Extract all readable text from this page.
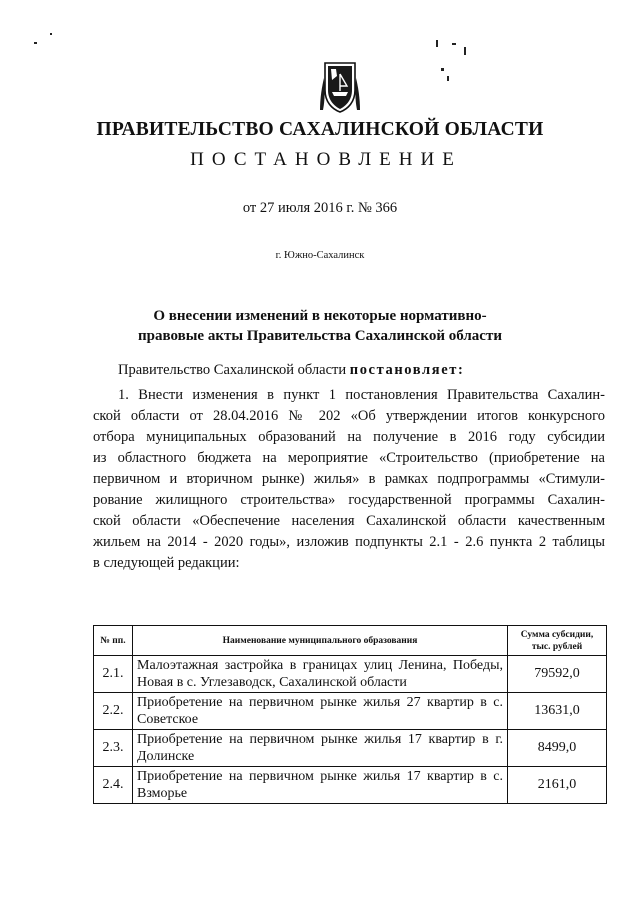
ПРАВИТЕЛЬСТВО САХАЛИНСКОЙ ОБЛАСТИ
ПОСТАНОВЛЕНИЕ
от 27 июля 2016 г. № 366
г. Южно-Сахалинск
О внесении изменений в некоторые нормативно-
правовые акты Правительства Сахалинской области
Правительство Сахалинской области постановляет:
1. Внести изменения в пункт 1 постановления Правительства Сахалин-
ской области от 28.04.2016 № 202 «Об утверждении итогов конкурсного
отбора муниципальных образований на получение в 2016 году субсидии
из областного бюджета на мероприятие «Строительство (приобретение на
первичном и вторичном рынке) жилья» в рамках подпрограммы «Стимули-
рование жилищного строительства» государственной программы Сахалин-
ской области «Обеспечение населения Сахалинской области качественным
жильем на 2014 - 2020 годы», изложив подпункты 2.1 - 2.6 пункта 2 таблицы
в следующей редакции:
№ пп.	Наименование муниципального образования	Сумма субсидии, тыс. рублей
2.1.	Малоэтажная застройка в границах улиц Ленина, Победы, Новая в с. Углезаводск, Сахалинской области	79592,0
2.2.	Приобретение на первичном рынке жилья 27 квартир в с. Советское	13631,0
2.3.	Приобретение на первичном рынке жилья 17 квартир в г. Долинске	8499,0
2.4.	Приобретение на первичном рынке жилья 17 квартир в с. Взморье	2161,0
